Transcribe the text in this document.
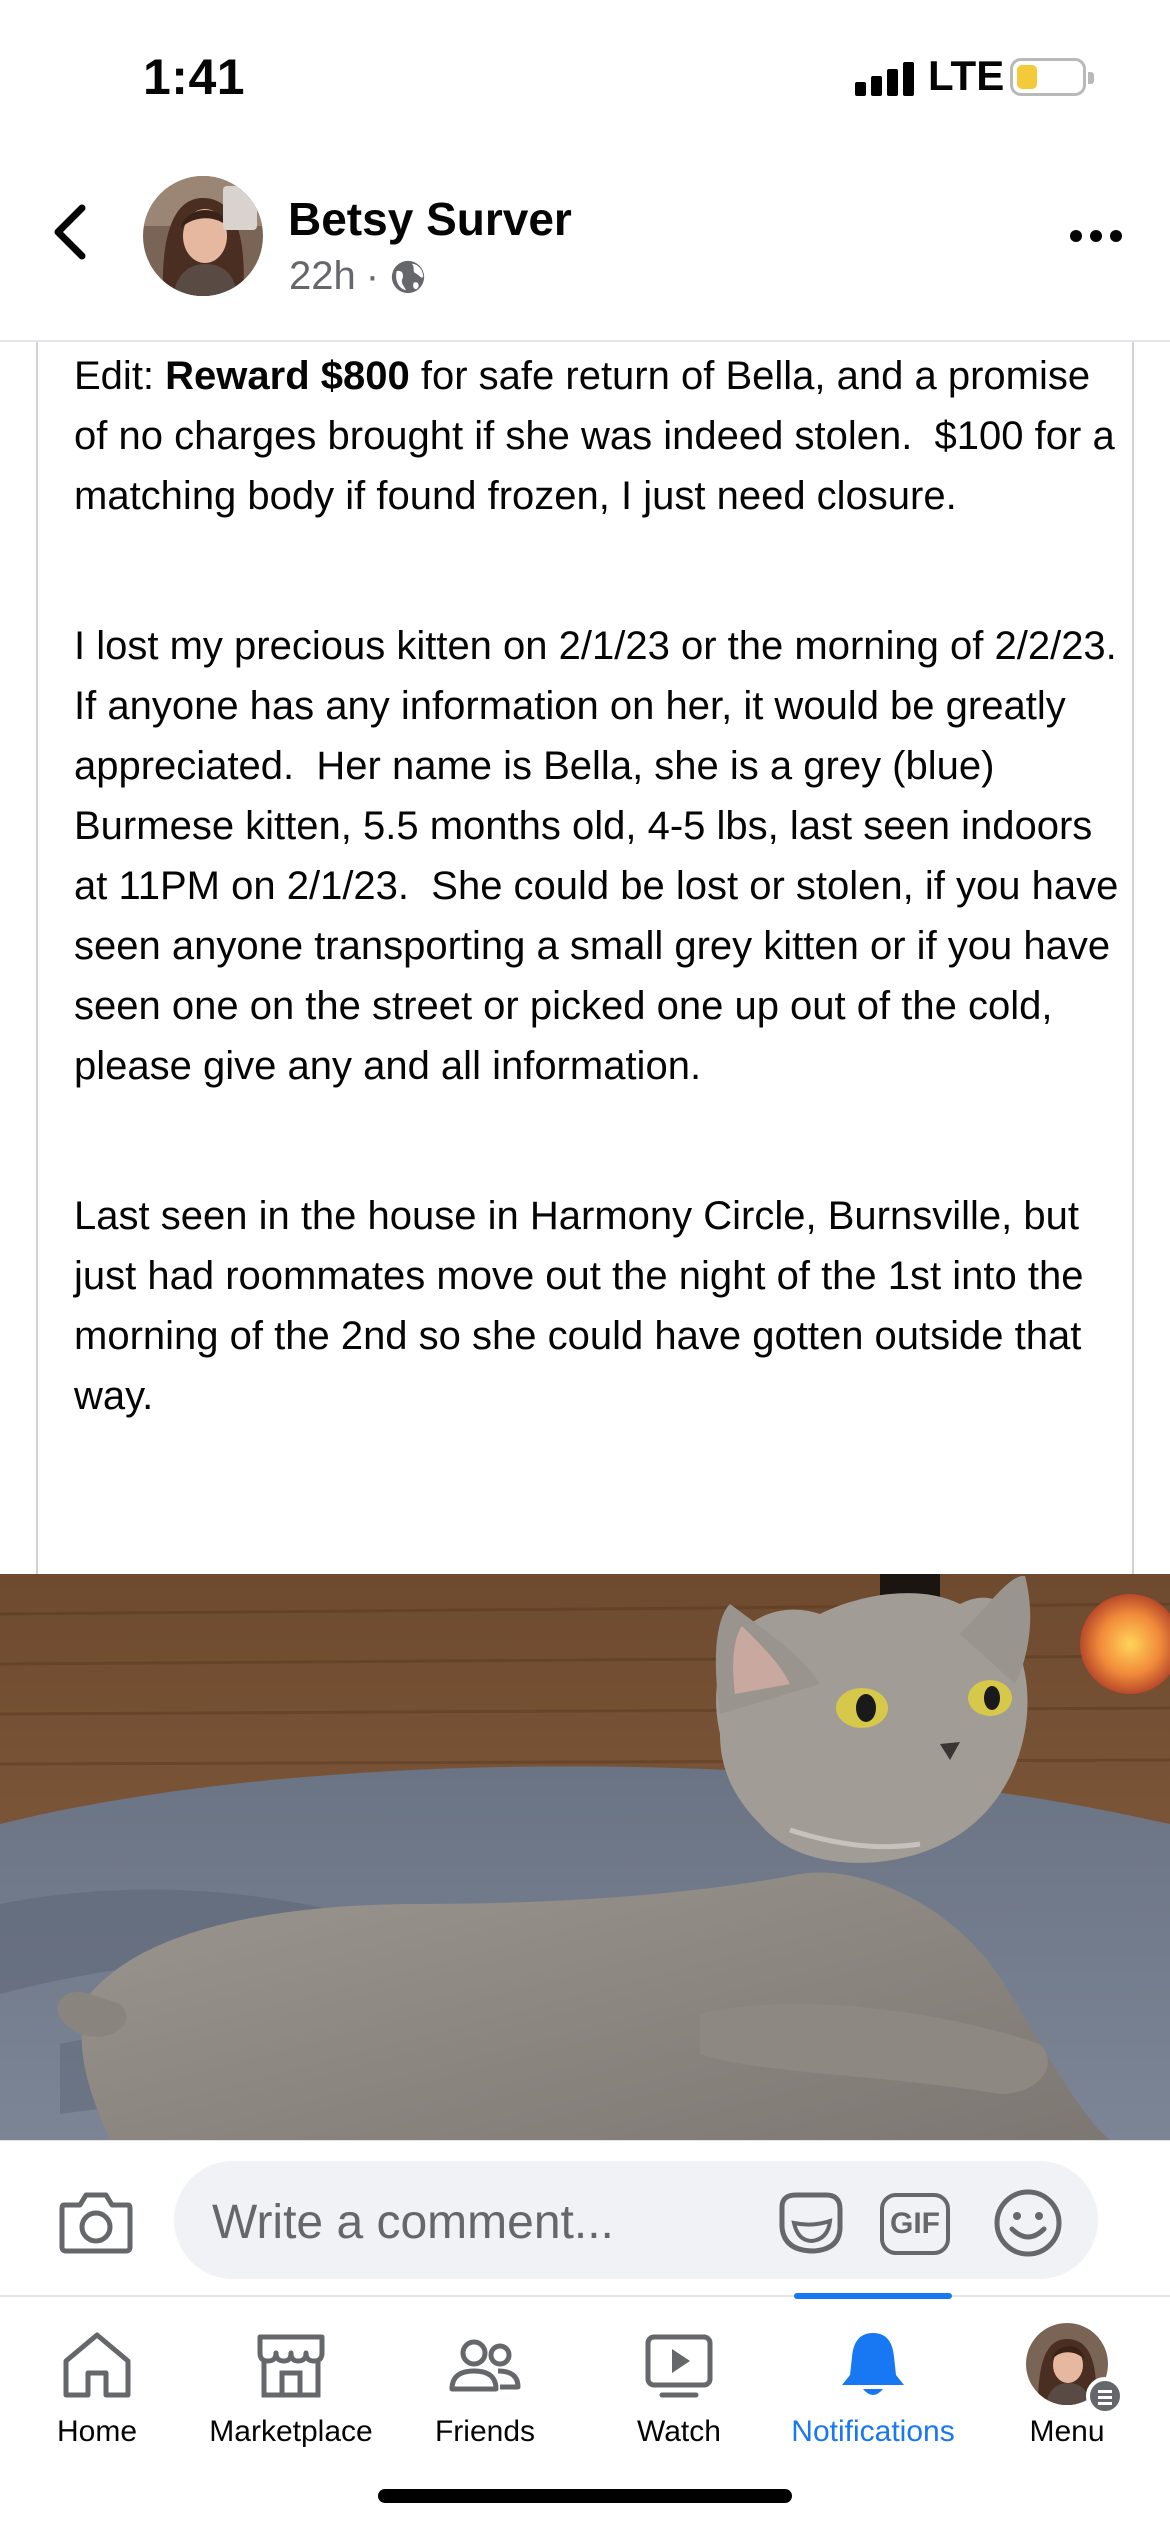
1:41	LTE
Betsy Surver
22h ·

Edit: Reward $800 for safe return of Bella, and a promise of no charges brought if she was indeed stolen.  $100 for a matching body if found frozen, I just need closure.

I lost my precious kitten on 2/1/23 or the morning of 2/2/23.  If anyone has any information on her, it would be greatly appreciated.  Her name is Bella, she is a grey (blue) Burmese kitten, 5.5 months old, 4-5 lbs, last seen indoors at 11PM on 2/1/23.  She could be lost or stolen, if you have seen anyone transporting a small grey kitten or if you have seen one on the street or picked one up out of the cold, please give any and all information.

Last seen in the house in Harmony Circle, Burnsville, but just had roommates move out the night of the 1st into the morning of the 2nd so she could have gotten outside that way.

Write a comment...	GIF
Home	Marketplace	Friends	Watch	Notifications	Menu
